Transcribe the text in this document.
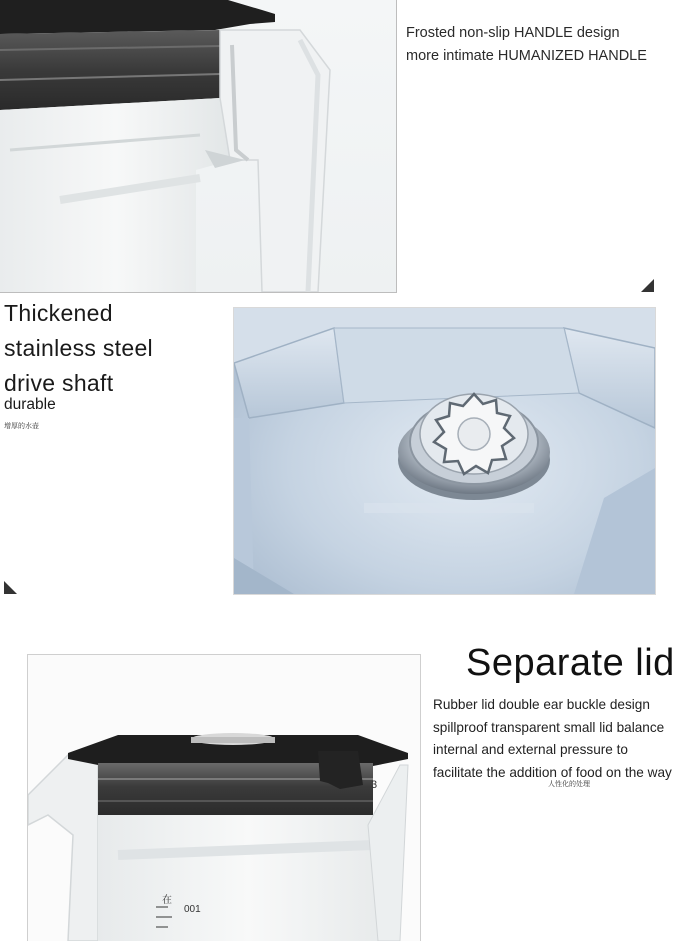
Frosted non-slip HANDLE design
more intimate HUMANIZED HANDLE
Thickened
stainless steel
drive shaft
durable
增厚的水壶
在
001
3
Separate lid
Rubber lid double ear buckle design
spillproof transparent small lid balance
internal and external pressure to
facilitate the addition of food on the way
人性化的处理
